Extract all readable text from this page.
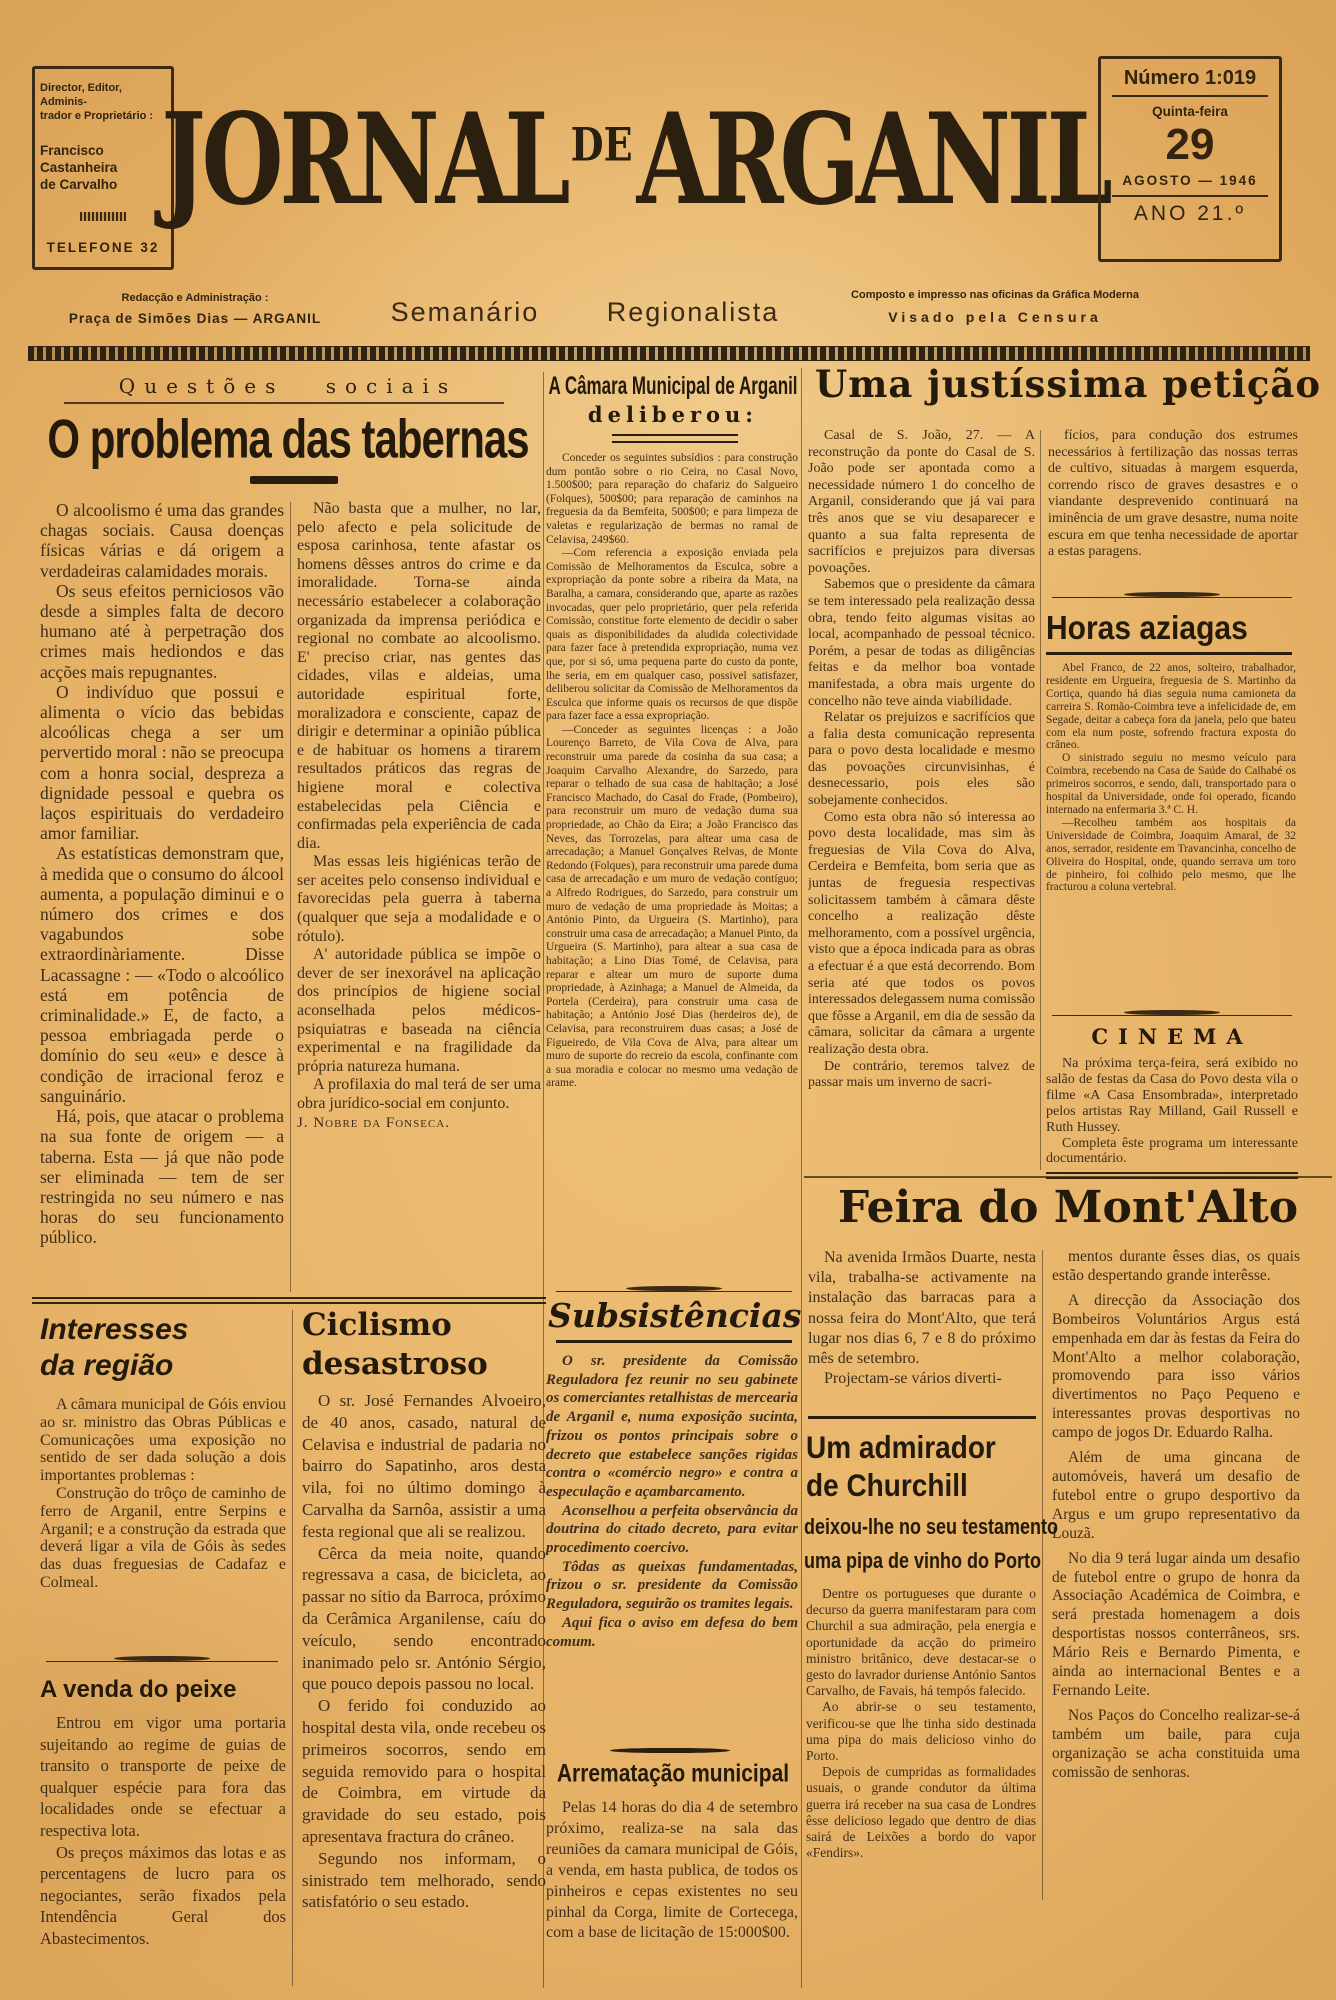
Director, Editor, Adminis-
trador e Proprietário :
Francisco Castanheira
de Carvalho
TELEFONE 32
JORNAL DE ARGANIL
Número 1:019
Quinta-feira
29
AGOSTO — 1946
ANO 21.º
Redacção e Administração :
Praça de Simões Dias — ARGANIL	Semanário Regionalista
Composto e impresso nas oficinas da Gráfica Moderna
Visado pela Censura
Questões sociais
O problema das tabernas

O alcoolismo é uma das grandes chagas sociais. Causa doenças físicas várias e dá origem a verdadeiras calamidades morais.

Os seus efeitos perniciosos vão desde a simples falta de decoro humano até à perpetração dos crimes mais hediondos e das acções mais repugnantes.

O indivíduo que possui e alimenta o vício das bebidas alcoólicas chega a ser um pervertido moral : não se preocupa com a honra social, despreza a dignidade pessoal e quebra os laços espirituais do verdadeiro amor familiar.

As estatísticas demonstram que, à medida que o consumo do álcool aumenta, a população diminui e o número dos crimes e dos vagabundos sobe extraordinàriamente. Disse Lacassagne : — «Todo o alcoólico está em potência de criminalidade.» E, de facto, a pessoa embriagada perde o domínio do seu «eu» e desce à condição de irracional feroz e sanguinário.

Há, pois, que atacar o problema na sua fonte de origem — a taberna. Esta — já que não pode ser eliminada — tem de ser restringida no seu número e nas horas do seu funcionamento público.

Não basta que a mulher, no lar, pelo afecto e pela solicitude de esposa carinhosa, tente afastar os homens dêsses antros do crime e da imoralidade. Torna-se ainda necessário estabelecer a colaboração organizada da imprensa periódica e regional no combate ao alcoolismo. E' preciso criar, nas gentes das cidades, vilas e aldeias, uma autoridade espiritual forte, moralizadora e consciente, capaz de dirigir e determinar a opinião pública e de habituar os homens a tirarem resultados práticos das regras de higiene moral e colectiva estabelecidas pela Ciência e confirmadas pela experiência de cada dia.

Mas essas leis higiénicas terão de ser aceites pelo consenso individual e favorecidas pela guerra à taberna (qualquer que seja a modalidade e o rótulo).

A' autoridade pública se impõe o dever de ser inexorável na aplicação dos princípios de higiene social aconselhada pelos médicos-psiquiatras e baseada na ciência experimental e na fragilidade da própria natureza humana.

A profilaxia do mal terá de ser uma obra jurídico-social em conjunto.

J. Nobre da Fonseca.

A Câmara Municipal de Arganil
deliberou:

Conceder os seguintes subsídios : para construção dum pontão sobre o rio Ceira, no Casal Novo, 1.500$00; para reparação do chafariz do Salgueiro (Folques), 500$00; para reparação de caminhos na freguesia da da Bemfeita, 500$00; e para limpeza de valetas e regularização de bermas no ramal de Celavisa, 249$60.

—Com referencia a exposição enviada pela Comissão de Melhoramentos da Esculca, sobre a expropriação da ponte sobre a ribeira da Mata, na Baralha, a camara, considerando que, aparte as razões invocadas, quer pelo proprietário, quer pela referida Comissão, constitue forte elemento de decidir o saber quais as disponibilidades da aludida colectividade para fazer face à pretendida expropriação, numa vez que, por si só, uma pequena parte do custo da ponte, lhe seria, em em qualquer caso, possivel satisfazer, deliberou solicitar da Comissão de Melhoramentos da Esculca que informe quais os recursos de que dispõe para fazer face a essa expropriação.

—Conceder as seguintes licenças : a João Lourenço Barreto, de Vila Cova de Alva, para reconstruir uma parede da cosinha da sua casa; a Joaquim Carvalho Alexandre, do Sarzedo, para reparar o telhado de sua casa de habitação; a José Francisco Machado, do Casal do Frade, (Pombeiro), para reconstruir um muro de vedação duma sua propriedade, ao Chão da Eira; a João Francisco das Neves, das Torrozelas, para altear uma casa de arrecadação; a Manuel Gonçalves Relvas, de Monte Redondo (Folques), para reconstruir uma parede duma casa de arrecadação e um muro de vedação contíguo; a Alfredo Rodrigues, do Sarzedo, para construir um muro de vedação de uma propriedade às Moitas; a António Pinto, da Urgueira (S. Martinho), para construir uma casa de arrecadação; a Manuel Pinto, da Urgueira (S. Martinho), para altear a sua casa de habitação; a Lino Dias Tomé, de Celavisa, para reparar e altear um muro de suporte duma propriedade, à Azinhaga; a Manuel de Almeida, da Portela (Cerdeira), para construir uma casa de habitação; a António José Dias (herdeiros de), de Celavisa, para reconstruirem duas casas; a José de Figueiredo, de Vila Cova de Alva, para altear um muro de suporte do recreio da escola, confinante com a sua moradia e colocar no mesmo uma vedação de arame.

Uma justíssima petição

Casal de S. João, 27. — A reconstrução da ponte do Casal de S. João pode ser apontada como a necessidade número 1 do concelho de Arganil, considerando que já vai para três anos que se viu desaparecer e quanto a sua falta representa de sacrifícios e prejuizos para diversas povoações.

Sabemos que o presidente da câmara se tem interessado pela realização dessa obra, tendo feito algumas visitas ao local, acompanhado de pessoal técnico. Porém, a pesar de todas as diligências feitas e da melhor boa vontade manifestada, a obra mais urgente do concelho não teve ainda viabilidade.

Relatar os prejuizos e sacrifícios que a falia desta comunicação representa para o povo desta localidade e mesmo das povoações circunvisinhas, é desnecessario, pois eles são sobejamente conhecidos.

Como esta obra não só interessa ao povo desta localidade, mas sim às freguesias de Vila Cova do Alva, Cerdeira e Bemfeita, bom seria que as juntas de freguesia respectivas solicitassem também à câmara dêste concelho a realização dêste melhoramento, com a possível urgência, visto que a época indicada para as obras a efectuar é a que está decorrendo. Bom seria até que todos os povos interessados delegassem numa comissão que fôsse a Arganil, em dia de sessão da câmara, solicitar da câmara a urgente realização desta obra.

De contrário, teremos talvez de passar mais um inverno de sacri-

fícios, para condução dos estrumes necessários à fertilização das nossas terras de cultivo, situadas à margem esquerda, correndo risco de graves desastres e o viandante desprevenido continuará na iminência de um grave desastre, numa noite escura em que tenha necessidade de aportar a estas paragens.

Horas aziagas

Abel Franco, de 22 anos, solteiro, trabalhador, residente em Urgueira, freguesia de S. Martinho da Cortiça, quando há dias seguia numa camioneta da carreira S. Romão-Coimbra teve a infelicidade de, em Segade, deitar a cabeça fora da janela, pelo que bateu com ela num poste, sofrendo fractura exposta do crâneo.

O sinistrado seguiu no mesmo veículo para Coimbra, recebendo na Casa de Saúde do Calhabé os primeiros socorros, e sendo, dali, transportado para o hospital da Universidade, onde foi operado, ficando internado na enfermaria 3.ª C. H.

—Recolheu também aos hospitais da Universidade de Coimbra, Joaquim Amaral, de 32 anos, serrador, residente em Travancinha, concelho de Oliveira do Hospital, onde, quando serrava um toro de pinheiro, foi colhido pelo mesmo, que lhe fracturou a coluna vertebral.

CINEMA

Na próxima terça-feira, será exibido no salão de festas da Casa do Povo desta vila o filme «A Casa Ensombrada», interpretado pelos artistas Ray Milland, Gail Russell e Ruth Hussey.

Completa êste programa um interessante documentário.

Feira do Mont'Alto

Na avenida Irmãos Duarte, nesta vila, trabalha-se activamente na instalação das barracas para a nossa feira do Mont'Alto, que terá lugar nos dias 6, 7 e 8 do próximo mês de setembro.

Projectam-se vários diverti-

mentos durante êsses dias, os quais estão despertando grande interêsse.

A direcção da Associação dos Bombeiros Voluntários Argus está empenhada em dar às festas da Feira do Mont'Alto a melhor colaboração, promovendo para isso vários divertimentos no Paço Pequeno e interessantes provas desportivas no campo de jogos Dr. Eduardo Ralha.

Além de uma gincana de automóveis, haverá um desafio de futebol entre o grupo desportivo da Argus e um grupo representativo da Louzã.

No dia 9 terá lugar ainda um desafio de futebol entre o grupo de honra da Associação Académica de Coimbra, e será prestada homenagem a dois desportistas nossos conterrâneos, srs. Mário Reis e Bernardo Pimenta, e ainda ao internacional Bentes e a Fernando Leite.

Nos Paços do Concelho realizar-se-á também um baile, para cuja organização se acha constituida uma comissão de senhoras.

Um admirador
de Churchill
deixou-lhe no seu testamento
uma pipa de vinho do Porto

Dentre os portugueses que durante o decurso da guerra manifestaram para com Churchil a sua admiração, pela energia e oportunidade da acção do primeiro ministro britânico, deve destacar-se o gesto do lavrador duriense António Santos Carvalho, de Favais, há tempós falecido.

Ao abrir-se o seu testamento, verificou-se que lhe tinha sido destinada uma pipa do mais delicioso vinho do Porto.

Depois de cumpridas as formalidades usuais, o grande condutor da última guerra irá receber na sua casa de Londres êsse delicioso legado que dentro de dias sairá de Leixões a bordo do vapor «Fendirs».

Interesses
da região

A câmara municipal de Góis enviou ao sr. ministro das Obras Públicas e Comunicações uma exposição no sentido de ser dada solução a dois importantes problemas :

Construção do trôço de caminho de ferro de Arganil, entre Serpins e Arganil; e a construção da estrada que deverá ligar a vila de Góis às sedes das duas freguesias de Cadafaz e Colmeal.

A venda do peixe

Entrou em vigor uma portaria sujeitando ao regime de guias de transito o transporte de peixe de qualquer espécie para fora das localidades onde se efectuar a respectiva lota.

Os preços máximos das lotas e as percentagens de lucro para os negociantes, serão fixados pela Intendência Geral dos Abastecimentos.

Ciclismo
desastroso

O sr. José Fernandes Alvoeiro, de 40 anos, casado, natural de Celavisa e industrial de padaria no bairro do Sapatinho, aros desta vila, foi no último domingo à Carvalha da Sarnôa, assistir a uma festa regional que ali se realizou.

Cêrca da meia noite, quando regressava a casa, de bicicleta, ao passar no sítio da Barroca, próximo da Cerâmica Arganilense, caíu do veículo, sendo encontrado inanimado pelo sr. António Sérgio, que pouco depois passou no local.

O ferido foi conduzido ao hospital desta vila, onde recebeu os primeiros socorros, sendo em seguida removido para o hospital de Coimbra, em virtude da gravidade do seu estado, pois apresentava fractura do crâneo.

Segundo nos informam, o sinistrado tem melhorado, sendo satisfatório o seu estado.

Subsistências

O sr. presidente da Comissão Reguladora fez reunir no seu gabinete os comerciantes retalhistas de mercearia de Arganil e, numa exposição sucinta, frizou os pontos principais sobre o decreto que estabelece sanções rigidas contra o «comércio negro» e contra a especulação e açambarcamento.

Aconselhou a perfeita observância da doutrina do citado decreto, para evitar procedimento coercivo.

Tôdas as queixas fundamentadas, frizou o sr. presidente da Comissão Reguladora, seguirão os tramites legais.

Aqui fica o aviso em defesa do bem comum.

Arrematação municipal

Pelas 14 horas do dia 4 de setembro próximo, realiza-se na sala das reuniões da camara municipal de Góis, a venda, em hasta publica, de todos os pinheiros e cepas existentes no seu pinhal da Corga, limite de Cortecega, com a base de licitação de 15:000$00.
